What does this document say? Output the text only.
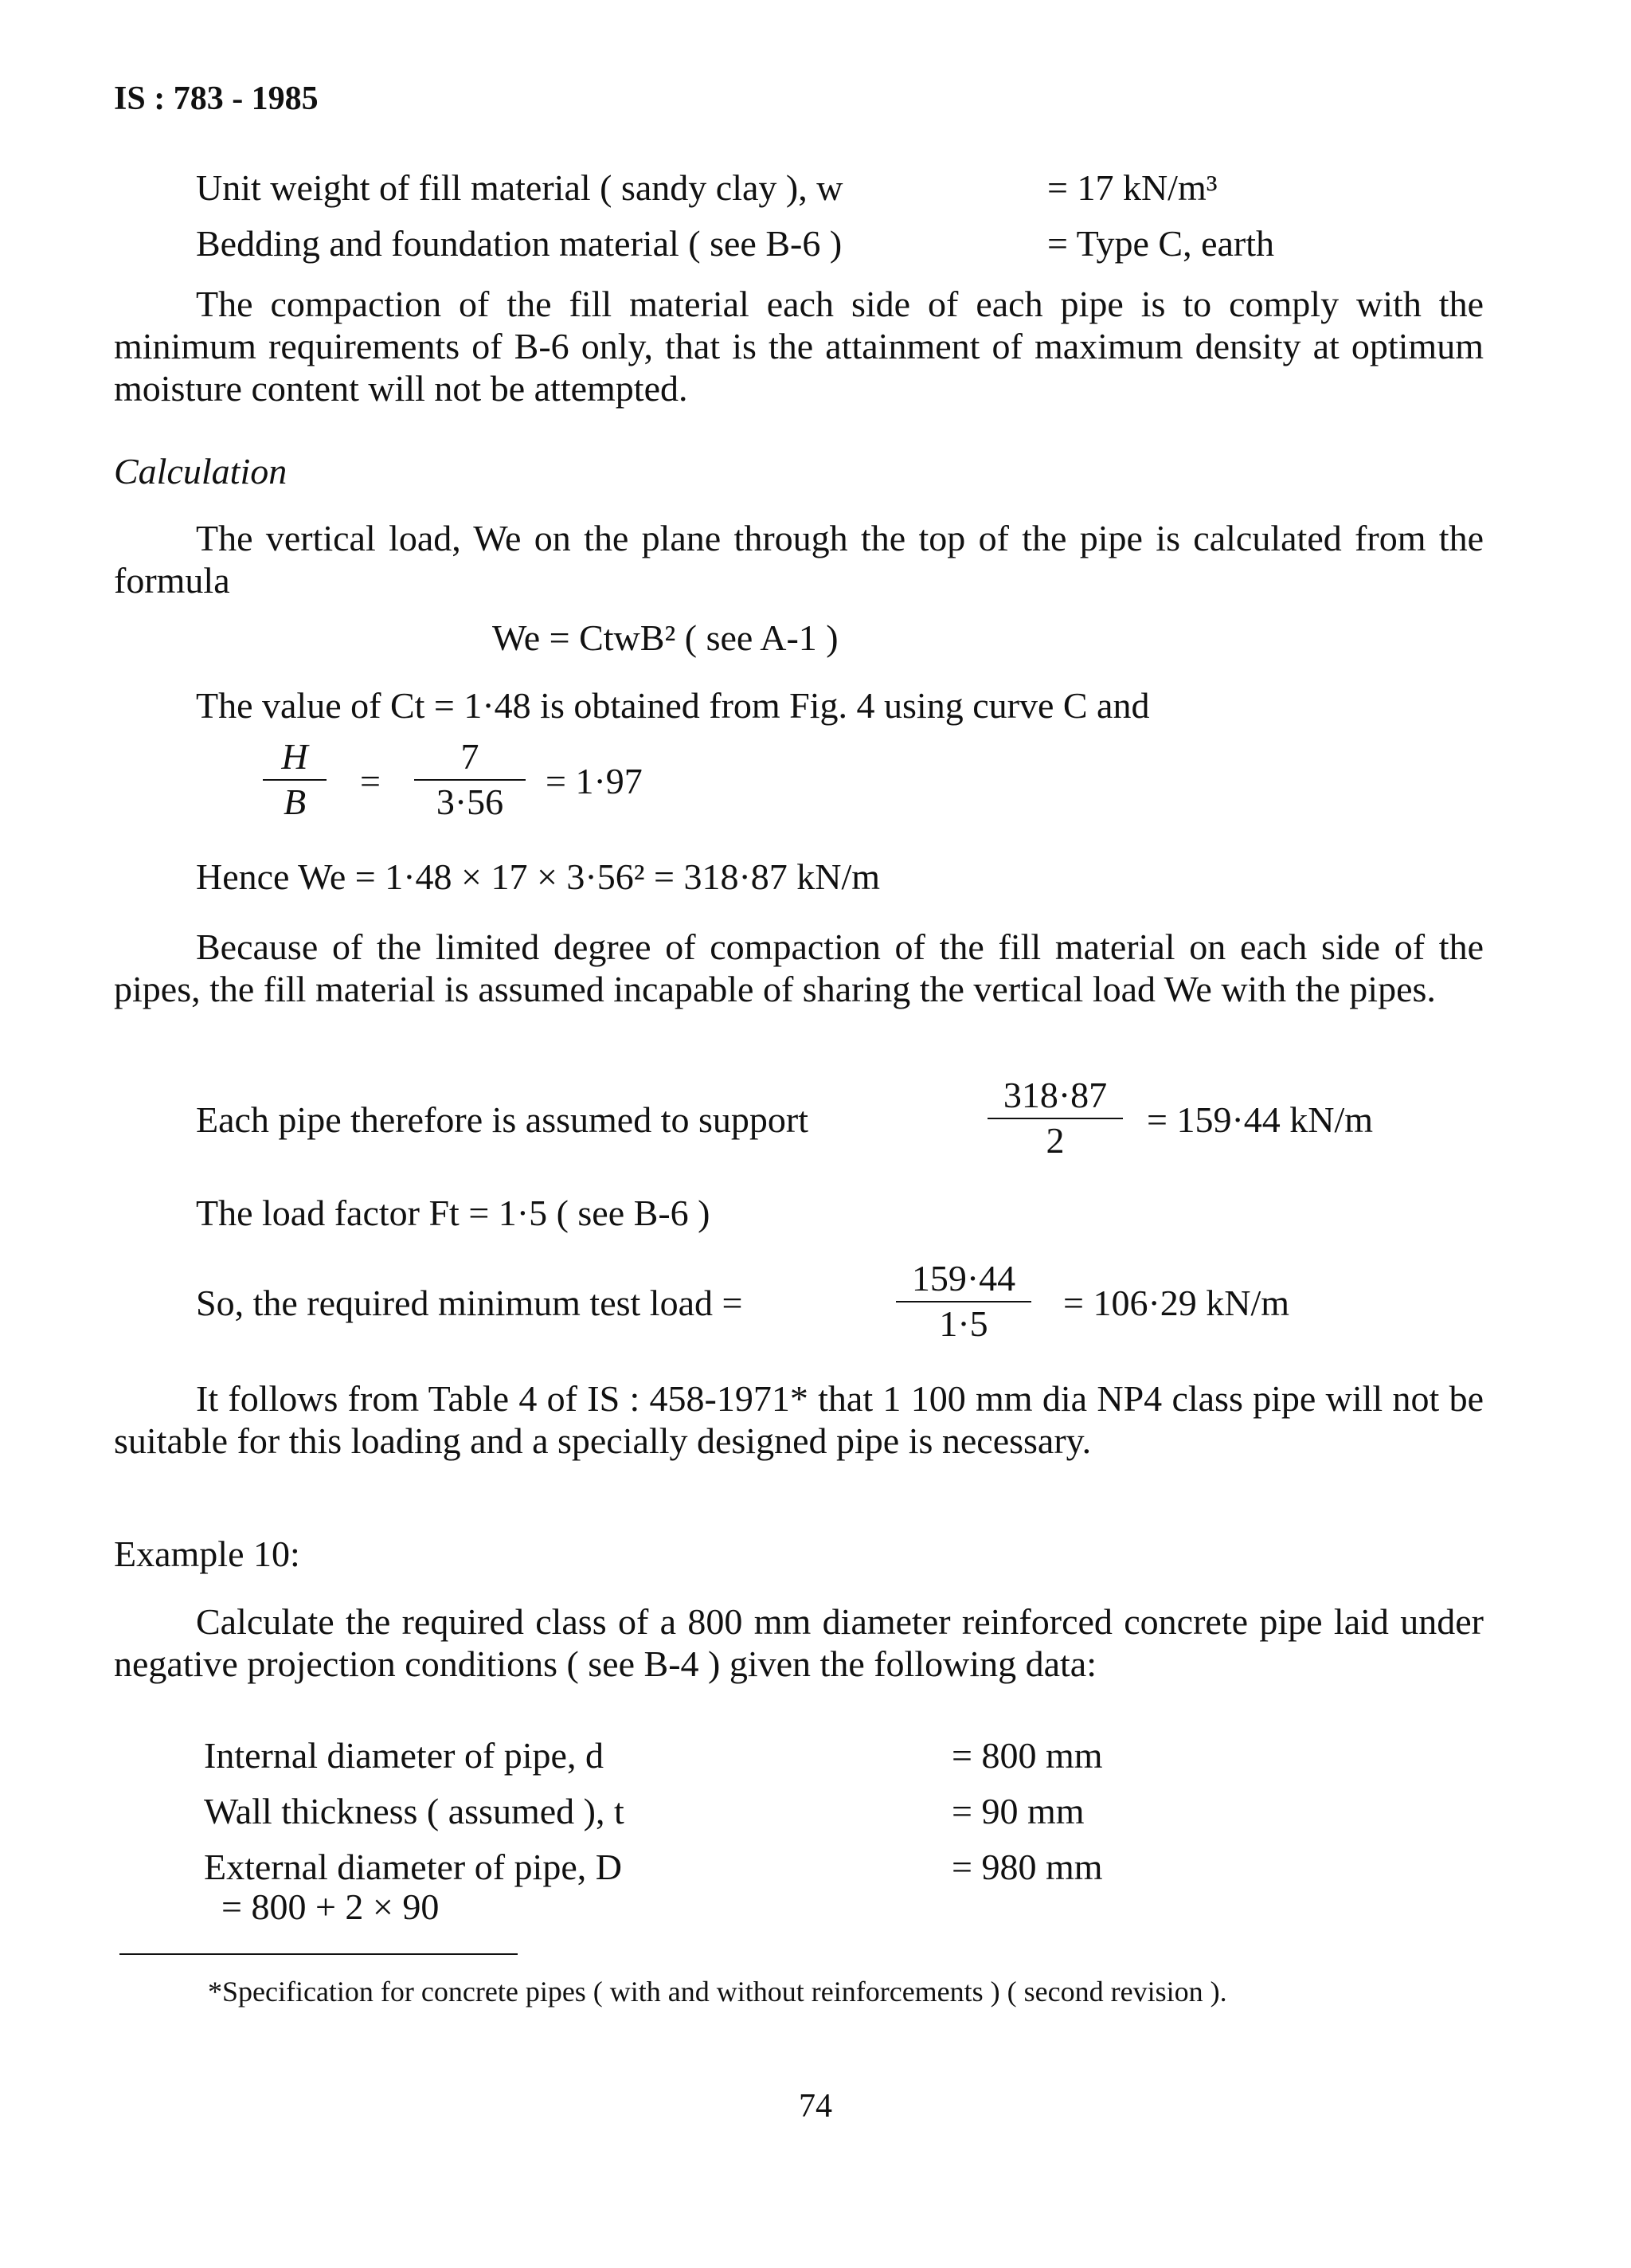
IS : 783 - 1985
Unit weight of fill material ( sandy clay ), w	= 17 kN/m³
Bedding and foundation material ( see B-6 )	= Type C, earth
The compaction of the fill material each side of each pipe is to comply with the minimum requirements of B-6 only, that is the attainment of maximum density at optimum moisture content will not be attempted.
Calculation
The vertical load, We on the plane through the top of the pipe is calculated from the formula
We = CtwB² ( see A-1 )
The value of Ct = 1·48 is obtained from Fig. 4 using curve C and
$\frac{H}{B} = \frac{7}{3\cdot 56} = 1\cdot 97$
Hence We = 1·48 × 17 × 3·56² = 318·87 kN/m
Because of the limited degree of compaction of the fill material on each side of the pipes, the fill material is assumed incapable of sharing the vertical load We with the pipes.
Each pipe therefore is assumed to support	$\frac{318\cdot 87}{2} = 159\cdot 44$ kN/m
The load factor Ft = 1·5 ( see B-6 )
So, the required minimum test load =	$\frac{159\cdot 44}{1\cdot 5} = 106\cdot 29$ kN/m
It follows from Table 4 of IS : 458-1971* that 1 100 mm dia NP4 class pipe will not be suitable for this loading and a specially designed pipe is necessary.
Example 10:
Calculate the required class of a 800 mm diameter reinforced concrete pipe laid under negative projection conditions ( see B-4 ) given the following data:
Internal diameter of pipe, d	= 800 mm
Wall thickness ( assumed ), t	= 90 mm
External diameter of pipe, D	= 980 mm
= 800 + 2 × 90
*Specification for concrete pipes ( with and without reinforcements ) ( second revision ).
74
